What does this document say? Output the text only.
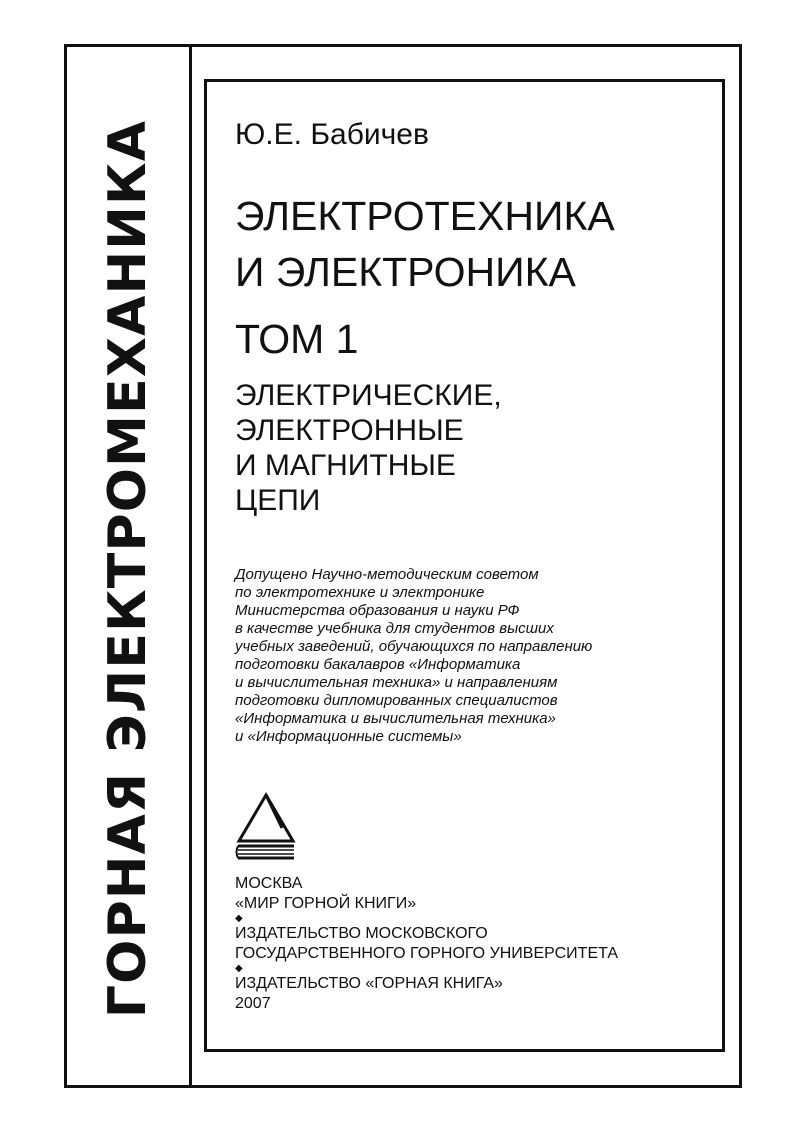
ГОРНАЯ ЭЛЕКТРОМЕХАНИКА	Ю.Е. Бабичев
ЭЛЕКТРОТЕХНИКА
И ЭЛЕКТРОНИКА
ТОМ 1
ЭЛЕКТРИЧЕСКИЕ,
ЭЛЕКТРОННЫЕ
И МАГНИТНЫЕ
ЦЕПИ
Допущено Научно-методическим советом
по электротехнике и электронике
Министерства образования и науки РФ
в качестве учебника для студентов высших
учебных заведений, обучающихся по направлению
подготовки бакалавров «Информатика
и вычислительная техника» и направлениям
подготовки дипломированных специалистов
«Информатика и вычислительная техника»
и «Информационные системы»
МОСКВА
«МИР ГОРНОЙ КНИГИ»
◆
ИЗДАТЕЛЬСТВО МОСКОВСКОГО
ГОСУДАРСТВЕННОГО ГОРНОГО УНИВЕРСИТЕТА
◆
ИЗДАТЕЛЬСТВО «ГОРНАЯ КНИГА»
2007
